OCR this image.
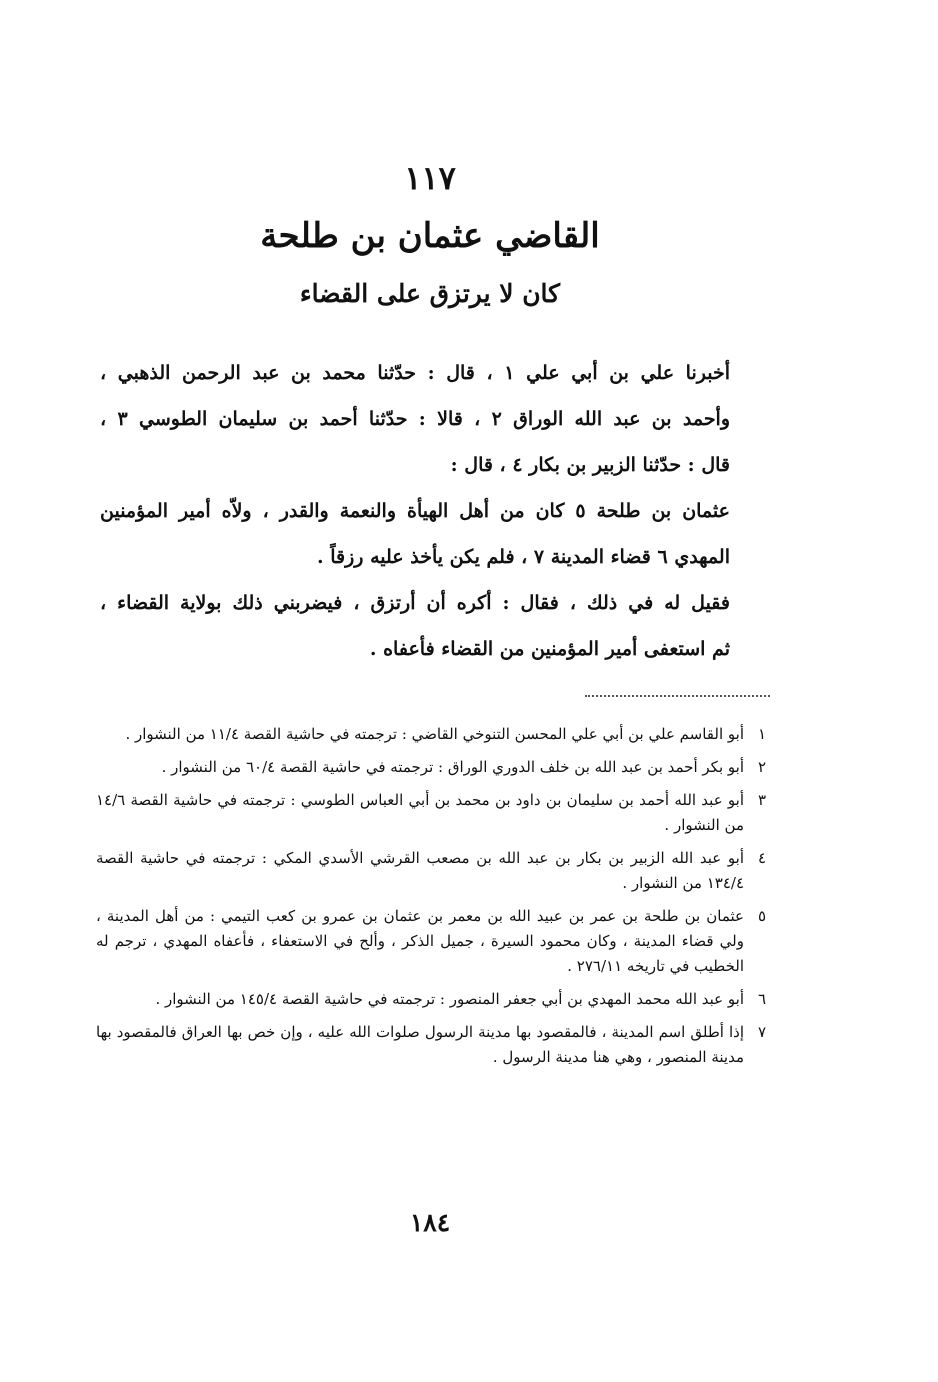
١١٧
القاضي عثمان بن طلحة
كان لا يرتزق على القضاء
أخبرنا علي بن أبي علي ١ ، قال : حدّثنا محمد بن عبد الرحمن الذهبي ،
وأحمد بن عبد الله الوراق ٢ ، قالا : حدّثنا أحمد بن سليمان الطوسي ٣ ،
قال : حدّثنا الزبير بن بكار ٤ ، قال :
عثمان بن طلحة ٥ كان من أهل الهيأة والنعمة والقدر ، ولاّه أمير المؤمنين
المهدي ٦ قضاء المدينة ٧ ، فلم يكن يأخذ عليه رزقاً .
فقيل له في ذلك ، فقال : أكره أن أرتزق ، فيضربني ذلك بولاية القضاء ،
ثم استعفى أمير المؤمنين من القضاء فأعفاه .
١
أبو القاسم علي بن أبي علي المحسن التنوخي القاضي : ترجمته في حاشية القصة ١١/٤ من النشوار .
٢
أبو بكر أحمد بن عبد الله بن خلف الدوري الوراق : ترجمته في حاشية القصة ٦٠/٤ من النشوار .
٣
أبو عبد الله أحمد بن سليمان بن داود بن محمد بن أبي العباس الطوسي : ترجمته في حاشية القصة ١٤/٦ من النشوار .
٤
أبو عبد الله الزبير بن بكار بن عبد الله بن مصعب القرشي الأسدي المكي : ترجمته في حاشية القصة ١٣٤/٤ من النشوار .
٥
عثمان بن طلحة بن عمر بن عبيد الله بن معمر بن عثمان بن عمرو بن كعب التيمي : من أهل المدينة ، ولي قضاء المدينة ، وكان محمود السيرة ، جميل الذكر ، وألح في الاستعفاء ، فأعفاه المهدي ، ترجم له الخطيب في تاريخه ٢٧٦/١١ .
٦
أبو عبد الله محمد المهدي بن أبي جعفر المنصور : ترجمته في حاشية القصة ١٤٥/٤ من النشوار .
٧
إذا أطلق اسم المدينة ، فالمقصود بها مدينة الرسول صلوات الله عليه ، وإن خص بها العراق فالمقصود بها مدينة المنصور ، وهي هنا مدينة الرسول .
١٨٤
